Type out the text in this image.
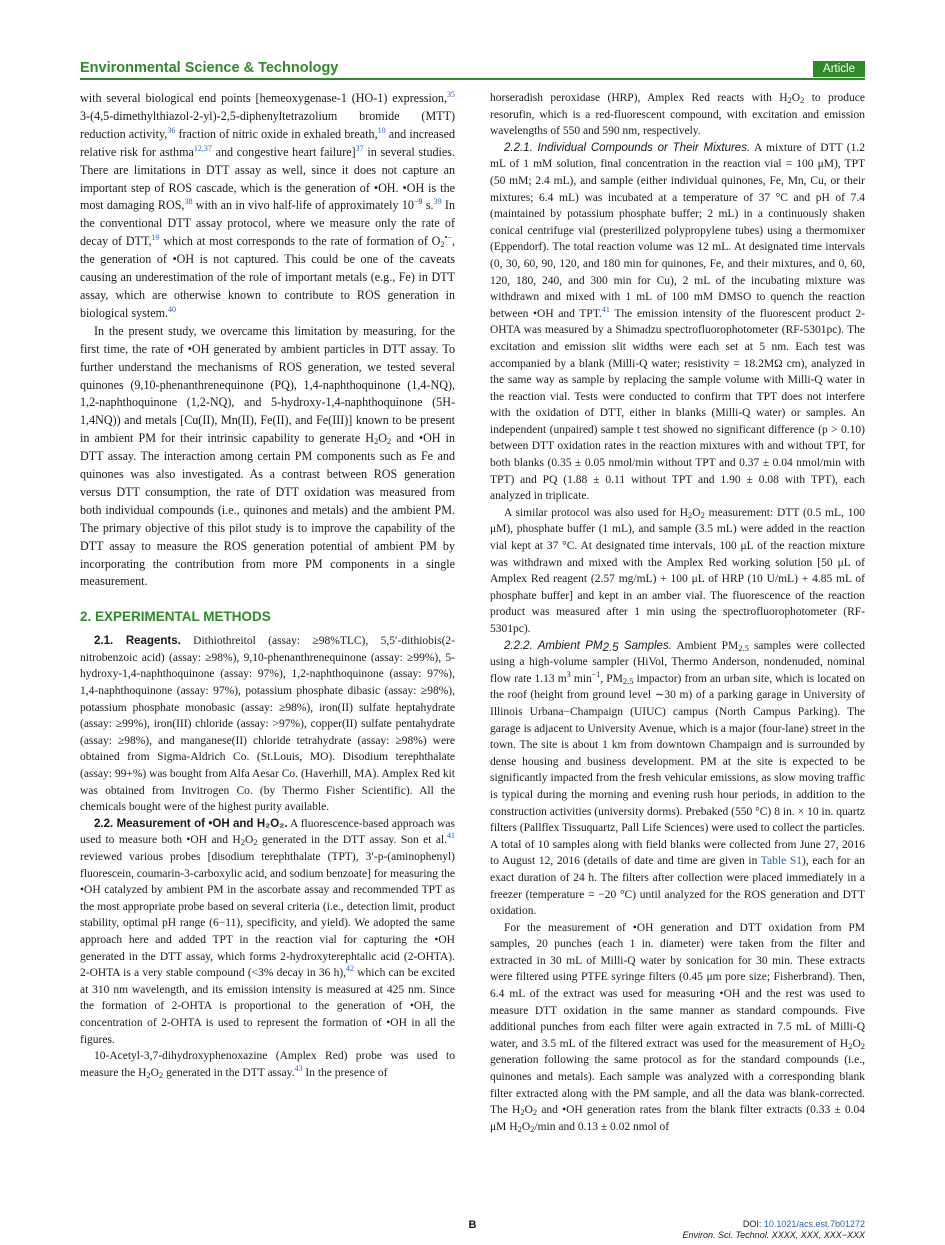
Environmental Science & Technology	Article

with several biological end points [hemeoxygenase-1 (HO-1) expression,$^{35}$ 3-(4,5-dimethylthiazol-2-yl)-2,5-diphenyltetrazolium bromide (MTT) reduction activity,$^{36}$ fraction of nitric oxide in exhaled breath,$^{10}$ and increased relative risk for asthma$^{12,37}$ and congestive heart failure]$^{37}$ in several studies. There are limitations in DTT assay as well, since it does not capture an important step of ROS cascade, which is the generation of •OH. •OH is the most damaging ROS,$^{38}$ with an in vivo half-life of approximately $10^{-9}$ s.$^{39}$ In the conventional DTT assay protocol, where we measure only the rate of decay of DTT,$^{19}$ which at most corresponds to the rate of formation of $O_2^{•-}$, the generation of •OH is not captured. This could be one of the caveats causing an underestimation of the role of important metals (e.g., Fe) in DTT assay, which are otherwise known to contribute to ROS generation in biological system.$^{40}$

In the present study, we overcame this limitation by measuring, for the first time, the rate of •OH generated by ambient particles in DTT assay. To further understand the mechanisms of ROS generation, we tested several quinones (9,10-phenanthrenequinone (PQ), 1,4-naphthoquinone (1,4-NQ), 1,2-naphthoquinone (1,2-NQ), and 5-hydroxy-1,4-naphthoquinone (5H-1,4NQ)) and metals [Cu(II), Mn(II), Fe(II), and Fe(III)] known to be present in ambient PM for their intrinsic capability to generate $H_2O_2$ and •OH in DTT assay. The interaction among certain PM components such as Fe and quinones was also investigated. As a contrast between ROS generation versus DTT consumption, the rate of DTT oxidation was measured from both individual compounds (i.e., quinones and metals) and the ambient PM. The primary objective of this pilot study is to improve the capability of the DTT assay to measure the ROS generation potential of ambient PM by incorporating the contribution from more PM components in a single measurement.

2. EXPERIMENTAL METHODS

2.1. Reagents. Dithiothreitol (assay: ≥98%TLC), 5,5′-dithiobis(2-nitrobenzoic acid) (assay: ≥98%), 9,10-phenanthrenequinone (assay: ≥99%), 5-hydroxy-1,4-naphthoquinone (assay: 97%), 1,2-naphthoquinone (assay: 97%), 1,4-naphthoquinone (assay: 97%), potassium phosphate dibasic (assay: ≥98%), potassium phosphate monobasic (assay: ≥98%), iron(II) sulfate heptahydrate (assay: ≥99%), iron(III) chloride (assay: >97%), copper(II) sulfate pentahydrate (assay: ≥98%), and manganese(II) chloride tetrahydrate (assay: ≥98%) were obtained from Sigma-Aldrich Co. (St.Louis, MO). Disodium terephthalate (assay: 99+%) was bought from Alfa Aesar Co. (Haverhill, MA). Amplex Red kit was obtained from Invitrogen Co. (by Thermo Fisher Scientific). All the chemicals bought were of the highest purity available.

2.2. Measurement of •OH and H₂O₂. A fluorescence-based approach was used to measure both •OH and $H_2O_2$ generated in the DTT assay. Son et al.$^{41}$ reviewed various probes [disodium terephthalate (TPT), 3′-p-(aminophenyl) fluorescein, coumarin-3-carboxylic acid, and sodium benzoate] for measuring the •OH catalyzed by ambient PM in the ascorbate assay and recommended TPT as the most appropriate probe based on several criteria (i.e., detection limit, product stability, optimal pH range (6−11), specificity, and yield). We adopted the same approach here and added TPT in the reaction vial for capturing the •OH generated in the DTT assay, which forms 2-hydroxyterephtalic acid (2-OHTA). 2-OHTA is a very stable compound (<3% decay in 36 h),$^{42}$ which can be excited at 310 nm wavelength, and its emission intensity is measured at 425 nm. Since the formation of 2-OHTA is proportional to the generation of •OH, the concentration of 2-OHTA is used to represent the formation of •OH in all the figures.

10-Acetyl-3,7-dihydroxyphenoxazine (Amplex Red) probe was used to measure the $H_2O_2$ generated in the DTT assay.$^{43}$ In the presence of

horseradish peroxidase (HRP), Amplex Red reacts with $H_2O_2$ to produce resorufin, which is a red-fluorescent compound, with excitation and emission wavelengths of 550 and 590 nm, respectively.

2.2.1. Individual Compounds or Their Mixtures. A mixture of DTT (1.2 mL of 1 mM solution, final concentration in the reaction vial = 100 μM), TPT (50 mM; 2.4 mL), and sample (either individual quinones, Fe, Mn, Cu, or their mixtures; 6.4 mL) was incubated at a temperature of 37 °C and pH of 7.4 (maintained by potassium phosphate buffer; 2 mL) in a continuously shaken conical centrifuge vial (presterilized polypropylene tubes) using a thermomixer (Eppendorf). The total reaction volume was 12 mL. At designated time intervals (0, 30, 60, 90, 120, and 180 min for quinones, Fe, and their mixtures, and 0, 60, 120, 180, 240, and 300 min for Cu), 2 mL of the incubating mixture was withdrawn and mixed with 1 mL of 100 mM DMSO to quench the reaction between •OH and TPT.$^{41}$ The emission intensity of the fluorescent product 2-OHTA was measured by a Shimadzu spectrofluorophotometer (RF-5301pc). The excitation and emission slit widths were each set at 5 nm. Each test was accompanied by a blank (Milli-Q water; resistivity = 18.2MΩ cm), analyzed in the same way as sample by replacing the sample volume with Milli-Q water in the reaction vial. Tests were conducted to confirm that TPT does not interfere with the oxidation of DTT, either in blanks (Milli-Q water) or samples. An independent (unpaired) sample t test showed no significant difference (p > 0.10) between DTT oxidation rates in the reaction mixtures with and without TPT, for both blanks (0.35 ± 0.05 nmol/min without TPT and 0.37 ± 0.04 nmol/min with TPT) and PQ (1.88 ± 0.11 without TPT and 1.90 ± 0.08 with TPT), each analyzed in triplicate.

A similar protocol was also used for $H_2O_2$ measurement: DTT (0.5 mL, 100 μM), phosphate buffer (1 mL), and sample (3.5 mL) were added in the reaction vial kept at 37 °C. At designated time intervals, 100 μL of the reaction mixture was withdrawn and mixed with the Amplex Red working solution [50 μL of Amplex Red reagent (2.57 mg/mL) + 100 μL of HRP (10 U/mL) + 4.85 mL of phosphate buffer] and kept in an amber vial. The fluorescence of the reaction product was measured after 1 min using the spectrofluorophotometer (RF-5301pc).

2.2.2. Ambient $PM_{2.5}$ Samples. Ambient $PM_{2.5}$ samples were collected using a high-volume sampler (HiVol, Thermo Anderson, nondenuded, nominal flow rate 1.13 $m^3$ $\min^{-1}$, $PM_{2.5}$ impactor) from an urban site, which is located on the roof (height from ground level ∼30 m) of a parking garage in University of Illinois Urbana−Champaign (UIUC) campus (North Campus Parking). The garage is adjacent to University Avenue, which is a major (four-lane) street in the town. The site is about 1 km from downtown Champaign and is surrounded by dense housing and business development. PM at the site is expected to be significantly impacted from the fresh vehicular emissions, as slow moving traffic is typical during the morning and evening rush hour periods, in addition to the construction activities (university dorms). Prebaked (550 °C) 8 in. × 10 in. quartz filters (Pallflex Tissuquartz, Pall Life Sciences) were used to collect the particles. A total of 10 samples along with field blanks were collected from June 27, 2016 to August 12, 2016 (details of date and time are given in Table S1), each for an exact duration of 24 h. The filters after collection were placed immediately in a freezer (temperature = −20 °C) until analyzed for the ROS generation and DTT oxidation.

For the measurement of •OH generation and DTT oxidation from PM samples, 20 punches (each 1 in. diameter) were taken from the filter and extracted in 30 mL of Milli-Q water by sonication for 30 min. These extracts were filtered using PTFE syringe filters (0.45 μm pore size; Fisherbrand). Then, 6.4 mL of the extract was used for measuring •OH and the rest was used to measure DTT oxidation in the same manner as standard compounds. Five additional punches from each filter were again extracted in 7.5 mL of Milli-Q water, and 3.5 mL of the filtered extract was used for the measurement of $H_2O_2$ generation following the same protocol as for the standard compounds (i.e., quinones and metals). Each sample was analyzed with a corresponding blank filter extracted along with the PM sample, and all the data was blank-corrected. The $H_2O_2$ and •OH generation rates from the blank filter extracts (0.33 ± 0.04 μM $H_2O_2/\min$ and 0.13 ± 0.02 nmol of

B	DOI: 10.1021/acs.est.7b01272
Environ. Sci. Technol. XXXX, XXX, XXX−XXX
